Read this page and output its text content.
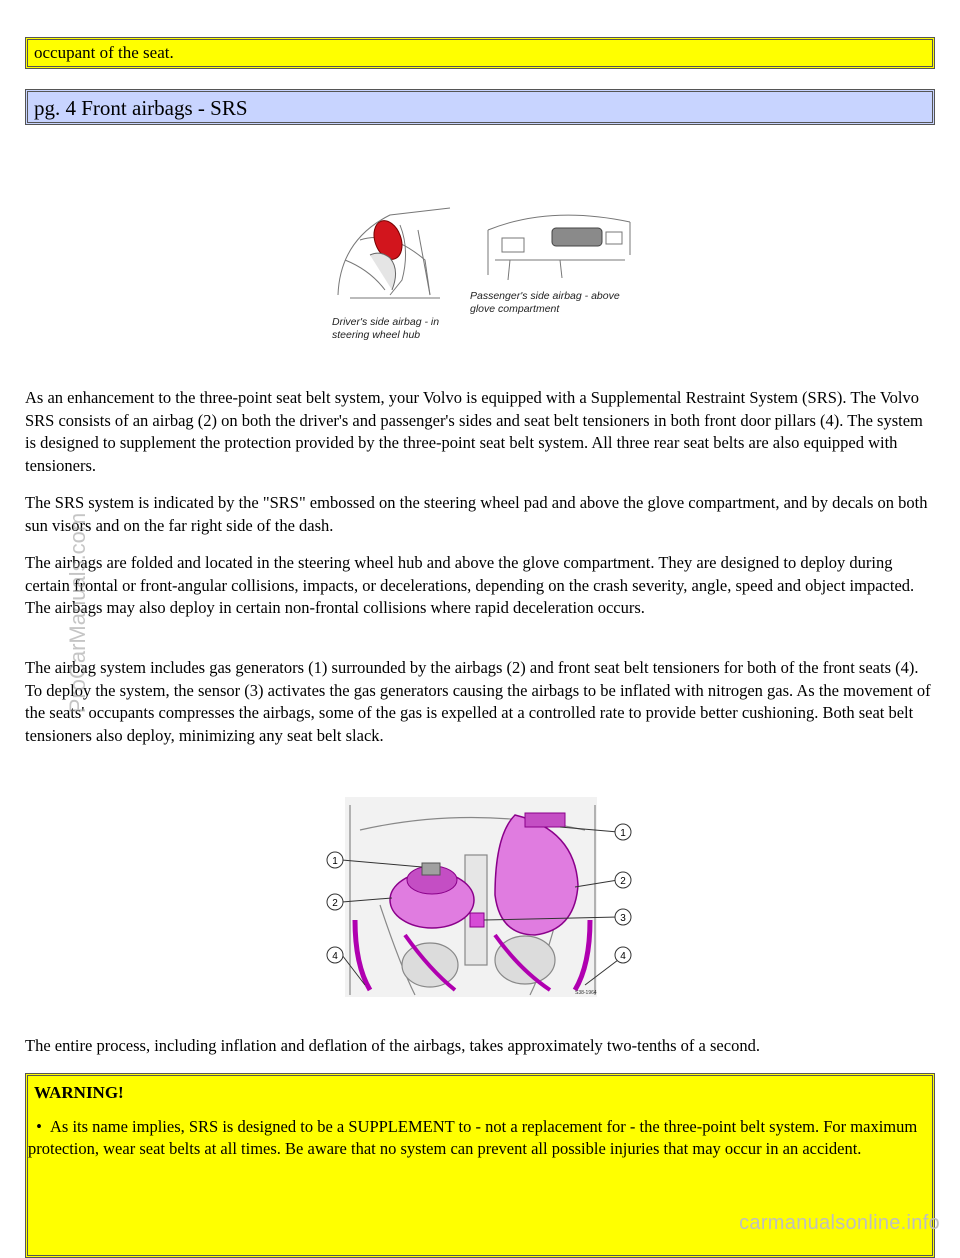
occupant of the seat.
pg. 4 Front airbags - SRS
Driver's side airbag - in steering wheel hub
Passenger's side airbag - above glove compartment

As an enhancement to the three-point seat belt system, your Volvo is equipped with a Supplemental Restraint System (SRS). The Volvo SRS consists of an airbag (2) on both the driver's and passenger's sides and seat belt tensioners in both front door pillars (4). The system is designed to supplement the protection provided by the three-point seat belt system. All three rear seat belts are also equipped with tensioners.

The SRS system is indicated by the "SRS" embossed on the steering wheel pad and above the glove compartment, and by decals on both sun visors and on the far right side of the dash.

The airbags are folded and located in the steering wheel hub and above the glove compartment. They are designed to deploy during certain frontal or front-angular collisions, impacts, or decelerations, depending on the crash severity, angle, speed and object impacted. The airbags may also deploy in certain non-frontal collisions where rapid deceleration occurs.

The airbag system includes gas generators (1) surrounded by the airbags (2) and front seat belt tensioners for both of the front seats (4). To deploy the system, the sensor (3) activates the gas generators causing the airbags to be inflated with nitrogen gas. As the movement of the seats' occupants compresses the airbags, some of the gas is expelled at a controlled rate to provide better cushioning. Both seat belt tensioners also deploy, minimizing any seat belt slack.

1
2
4
1
2
3
4
S38-1964

The entire process, including inflation and deflation of the airbags, takes approximately two-tenths of a second.

WARNING!
• As its name implies, SRS is designed to be a SUPPLEMENT to - not a replacement for - the three-point belt system. For maximum protection, wear seat belts at all times. Be aware that no system can prevent all possible injuries that may occur in an accident.
ProCarManuals.com
carmanualsonline.info
